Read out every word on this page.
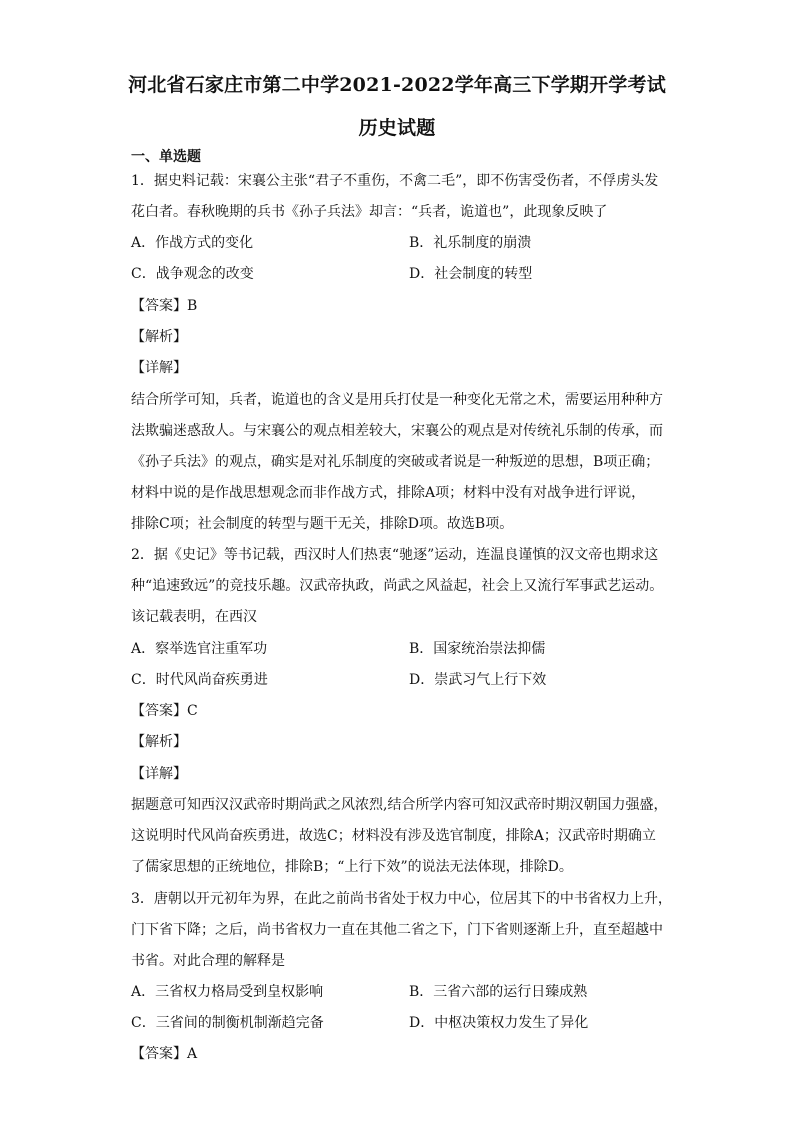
河北省石家庄市第二中学2021-2022学年高三下学期开学考试
历史试题
一、单选题
1．据史料记载：宋襄公主张“君子不重伤，不禽二毛”，即不伤害受伤者，不俘虏头发
花白者。春秋晚期的兵书《孙子兵法》却言：“兵者，诡道也”，此现象反映了
A．作战方式的变化	B．礼乐制度的崩溃
C．战争观念的改变	D．社会制度的转型
【答案】B
【解析】
【详解】
结合所学可知，兵者，诡道也的含义是用兵打仗是一种变化无常之术，需要运用种种方
法欺骗迷惑敌人。与宋襄公的观点相差较大，宋襄公的观点是对传统礼乐制的传承，而
《孙子兵法》的观点，确实是对礼乐制度的突破或者说是一种叛逆的思想，B项正确；
材料中说的是作战思想观念而非作战方式，排除A项；材料中没有对战争进行评说，
排除C项；社会制度的转型与题干无关，排除D项。故选B项。
2．据《史记》等书记载，西汉时人们热衷“驰逐”运动，连温良谨慎的汉文帝也期求这
种“追速致远”的竞技乐趣。汉武帝执政，尚武之风益起，社会上又流行军事武艺运动。
该记载表明，在西汉
A．察举选官注重军功	B．国家统治崇法抑儒
C．时代风尚奋疾勇进	D．崇武习气上行下效
【答案】C
【解析】
【详解】
据题意可知西汉汉武帝时期尚武之风浓烈,结合所学内容可知汉武帝时期汉朝国力强盛，
这说明时代风尚奋疾勇进，故选C；材料没有涉及选官制度，排除A；汉武帝时期确立
了儒家思想的正统地位，排除B；“上行下效”的说法无法体现，排除D。
3．唐朝以开元初年为界，在此之前尚书省处于权力中心，位居其下的中书省权力上升，
门下省下降；之后，尚书省权力一直在其他二省之下，门下省则逐渐上升，直至超越中
书省。对此合理的解释是
A．三省权力格局受到皇权影响	B．三省六部的运行日臻成熟
C．三省间的制衡机制渐趋完备	D．中枢决策权力发生了异化
【答案】A
